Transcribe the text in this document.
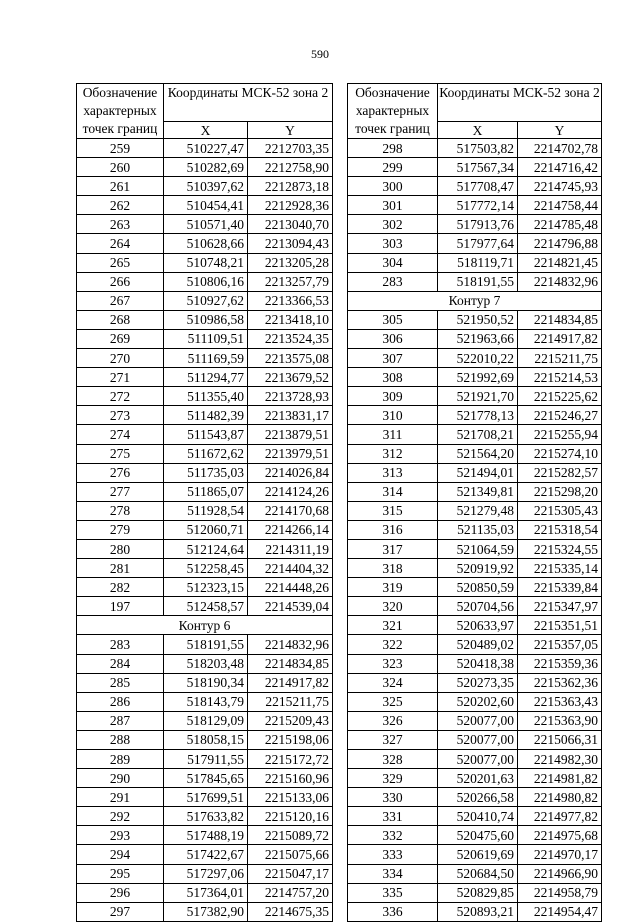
590
Обозначение характерных точек границ	Координаты МСК-52 зона 2	
	X	Y
259	510227,47	2212703,35
260	510282,69	2212758,90
261	510397,62	2212873,18
262	510454,41	2212928,36
263	510571,40	2213040,70
264	510628,66	2213094,43
265	510748,21	2213205,28
266	510806,16	2213257,79
267	510927,62	2213366,53
268	510986,58	2213418,10
269	511109,51	2213524,35
270	511169,59	2213575,08
271	511294,77	2213679,52
272	511355,40	2213728,93
273	511482,39	2213831,17
274	511543,87	2213879,51
275	511672,62	2213979,51
276	511735,03	2214026,84
277	511865,07	2214124,26
278	511928,54	2214170,68
279	512060,71	2214266,14
280	512124,64	2214311,19
281	512258,45	2214404,32
282	512323,15	2214448,26
197	512458,57	2214539,04
Контур 6		
283	518191,55	2214832,96
284	518203,48	2214834,85
285	518190,34	2214917,82
286	518143,79	2215211,75
287	518129,09	2215209,43
288	518058,15	2215198,06
289	517911,55	2215172,72
290	517845,65	2215160,96
291	517699,51	2215133,06
292	517633,82	2215120,16
293	517488,19	2215089,72
294	517422,67	2215075,66
295	517297,06	2215047,17
296	517364,01	2214757,20
297	517382,90	2214675,35
Обозначение характерных точек границ	Координаты МСК-52 зона 2	
	X	Y
298	517503,82	2214702,78
299	517567,34	2214716,42
300	517708,47	2214745,93
301	517772,14	2214758,44
302	517913,76	2214785,48
303	517977,64	2214796,88
304	518119,71	2214821,45
283	518191,55	2214832,96
Контур 7		
305	521950,52	2214834,85
306	521963,66	2214917,82
307	522010,22	2215211,75
308	521992,69	2215214,53
309	521921,70	2215225,62
310	521778,13	2215246,27
311	521708,21	2215255,94
312	521564,20	2215274,10
313	521494,01	2215282,57
314	521349,81	2215298,20
315	521279,48	2215305,43
316	521135,03	2215318,54
317	521064,59	2215324,55
318	520919,92	2215335,14
319	520850,59	2215339,84
320	520704,56	2215347,97
321	520633,97	2215351,51
322	520489,02	2215357,05
323	520418,38	2215359,36
324	520273,35	2215362,36
325	520202,60	2215363,43
326	520077,00	2215363,90
327	520077,00	2215066,31
328	520077,00	2214982,30
329	520201,63	2214981,82
330	520266,58	2214980,82
331	520410,74	2214977,82
332	520475,60	2214975,68
333	520619,69	2214970,17
334	520684,50	2214966,90
335	520829,85	2214958,79
336	520893,21	2214954,47
